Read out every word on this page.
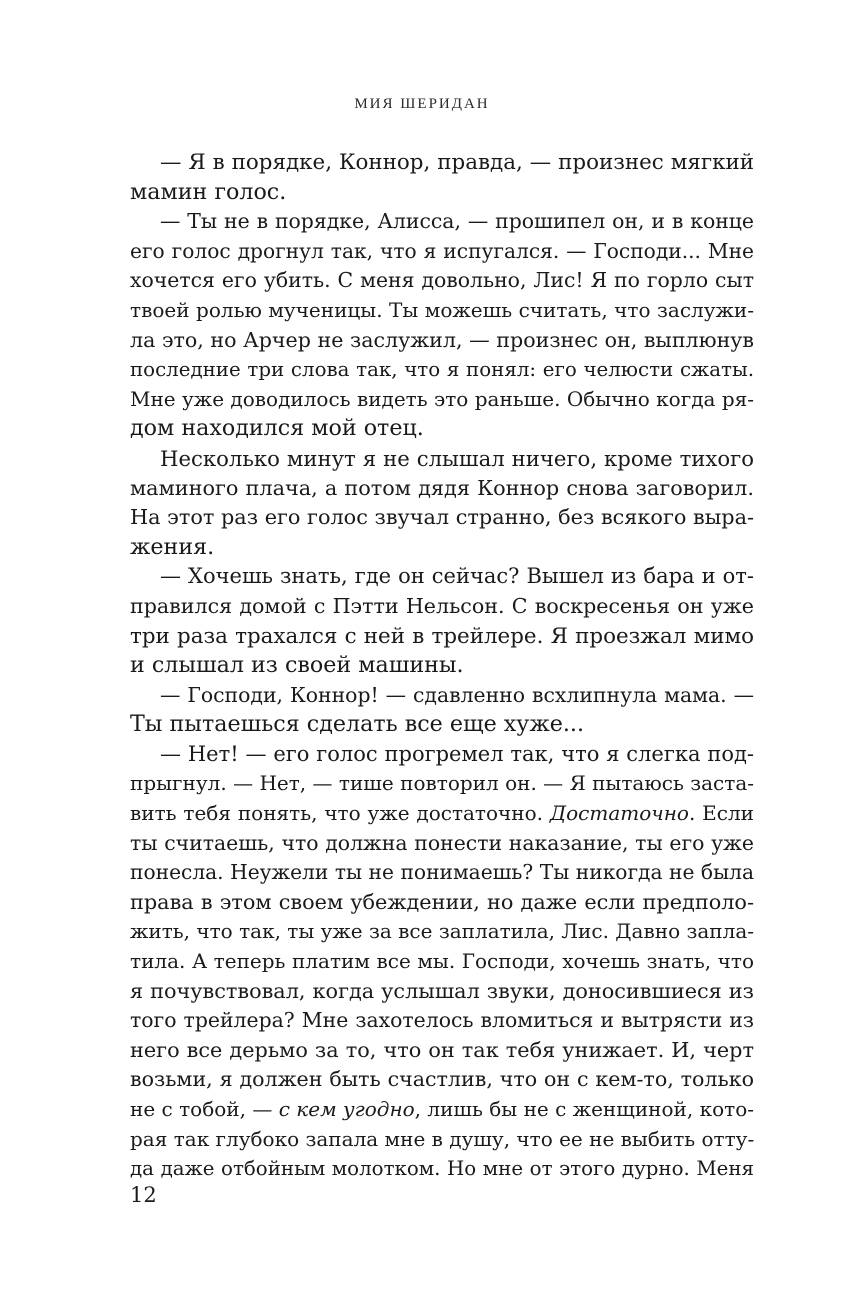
МИЯ ШЕРИДАН
— Я в порядке, Коннор, правда, — произнес мягкий
мамин голос.
— Ты не в порядке, Алисса, — прошипел он, и в конце
его голос дрогнул так, что я испугался. — Господи... Мне
хочется его убить. С меня довольно, Лис! Я по горло сыт
твоей ролью мученицы. Ты можешь считать, что заслужи-
ла это, но Арчер не заслужил, — произнес он, выплюнув
последние три слова так, что я понял: его челюсти сжаты.
Мне уже доводилось видеть это раньше. Обычно когда ря-
дом находился мой отец.
Несколько минут я не слышал ничего, кроме тихого
маминого плача, а потом дядя Коннор снова заговорил.
На этот раз его голос звучал странно, без всякого выра-
жения.
— Хочешь знать, где он сейчас? Вышел из бара и от-
правился домой с Пэтти Нельсон. С воскресенья он уже
три раза трахался с ней в трейлере. Я проезжал мимо
и слышал из своей машины.
— Господи, Коннор! — сдавленно всхлипнула мама. —
Ты пытаешься сделать все еще хуже...
— Нет! — его голос прогремел так, что я слегка под-
прыгнул. — Нет, — тише повторил он. — Я пытаюсь заста-
вить тебя понять, что уже достаточно. Достаточно. Если
ты считаешь, что должна понести наказание, ты его уже
понесла. Неужели ты не понимаешь? Ты никогда не была
права в этом своем убеждении, но даже если предполо-
жить, что так, ты уже за все заплатила, Лис. Давно запла-
тила. А теперь платим все мы. Господи, хочешь знать, что
я почувствовал, когда услышал звуки, доносившиеся из
того трейлера? Мне захотелось вломиться и вытрясти из
него все дерьмо за то, что он так тебя унижает. И, черт
возьми, я должен быть счастлив, что он с кем-то, только
не с тобой, — с кем угодно, лишь бы не с женщиной, кото-
рая так глубоко запала мне в душу, что ее не выбить отту-
да даже отбойным молотком. Но мне от этого дурно. Меня
12
